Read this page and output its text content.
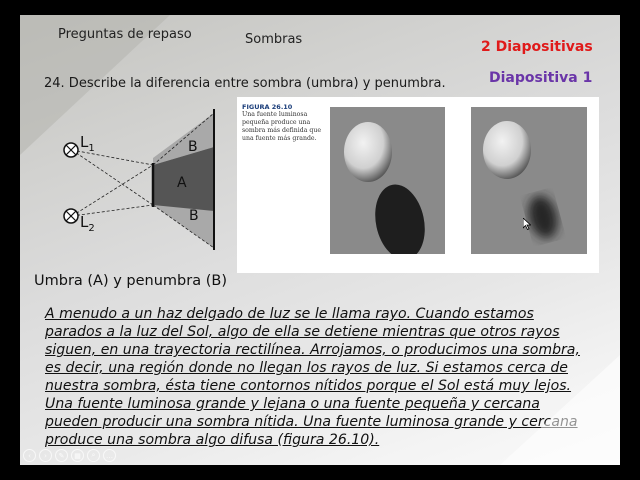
Preguntas de repaso	Sombras	2 Diapositivas
Diapositiva 1
24. Describe la diferencia entre sombra (umbra) y penumbra.
$L_1$
$L_2$
B
A
B
FIGURA 26.10
Una fuente luminosa
pequeña produce una
sombra más definida que
una fuente más grande.
Umbra (A) y penumbra (B)
A menudo a un haz delgado de luz se le llama rayo. Cuando estamos
parados a la luz del Sol, algo de ella se detiene mientras que otros rayos
siguen, en una trayectoria rectilínea. Arrojamos, o producimos una sombra,
es decir, una región donde no llegan los rayos de luz. Si estamos cerca de
nuestra sombra, ésta tiene contornos nítidos porque el Sol está muy lejos.
Una fuente luminosa grande y lejana o una fuente pequeña y cercana
pueden producir una sombra nítida. Una fuente luminosa grande y cercana
produce una sombra algo difusa (figura 26.10).
‹ › ✎ ▦ ⌕ …
